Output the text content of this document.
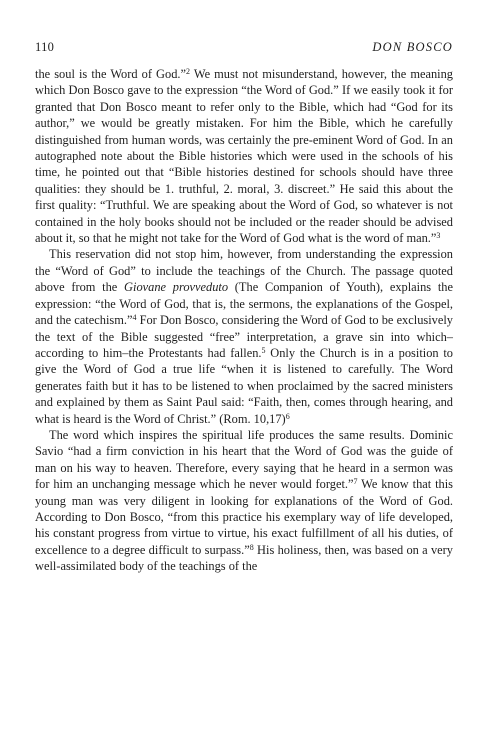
110	DON BOSCO

the soul is the Word of God.”$^2$ We must not misunderstand, however, the meaning which Don Bosco gave to the expression “the Word of God.” If we easily took it for granted that Don Bosco meant to refer only to the Bible, which had “God for its author,” we would be greatly mistaken. For him the Bible, which he carefully distinguished from human words, was certainly the pre-eminent Word of God. In an autographed note about the Bible histories which were used in the schools of his time, he pointed out that “Bible histories destined for schools should have three qualities: they should be 1. truthful, 2. moral, 3. discreet.” He said this about the first quality: “Truthful. We are speaking about the Word of God, so whatever is not contained in the holy books should not be included or the reader should be advised about it, so that he might not take for the Word of God what is the word of man.”$^3$

This reservation did not stop him, however, from understanding the expression the “Word of God” to include the teachings of the Church. The passage quoted above from the Giovane provveduto (The Companion of Youth), explains the expression: “the Word of God, that is, the sermons, the explanations of the Gospel, and the catechism.”$^4$ For Don Bosco, considering the Word of God to be exclusively the text of the Bible suggested “free” interpretation, a grave sin into which–according to him–the Protestants had fallen.$^5$ Only the Church is in a position to give the Word of God a true life “when it is listened to carefully. The Word generates faith but it has to be listened to when proclaimed by the sacred ministers and explained by them as Saint Paul said: “Faith, then, comes through hearing, and what is heard is the Word of Christ.” (Rom. 10,17)$^6$

The word which inspires the spiritual life produces the same results. Dominic Savio “had a firm conviction in his heart that the Word of God was the guide of man on his way to heaven. Therefore, every saying that he heard in a sermon was for him an unchanging message which he never would forget.”$^7$ We know that this young man was very diligent in looking for explanations of the Word of God. According to Don Bosco, “from this practice his exemplary way of life developed, his constant progress from virtue to virtue, his exact fulfillment of all his duties, of excellence to a degree difficult to surpass.”$^8$ His holiness, then, was based on a very well-assimilated body of the teachings of the
